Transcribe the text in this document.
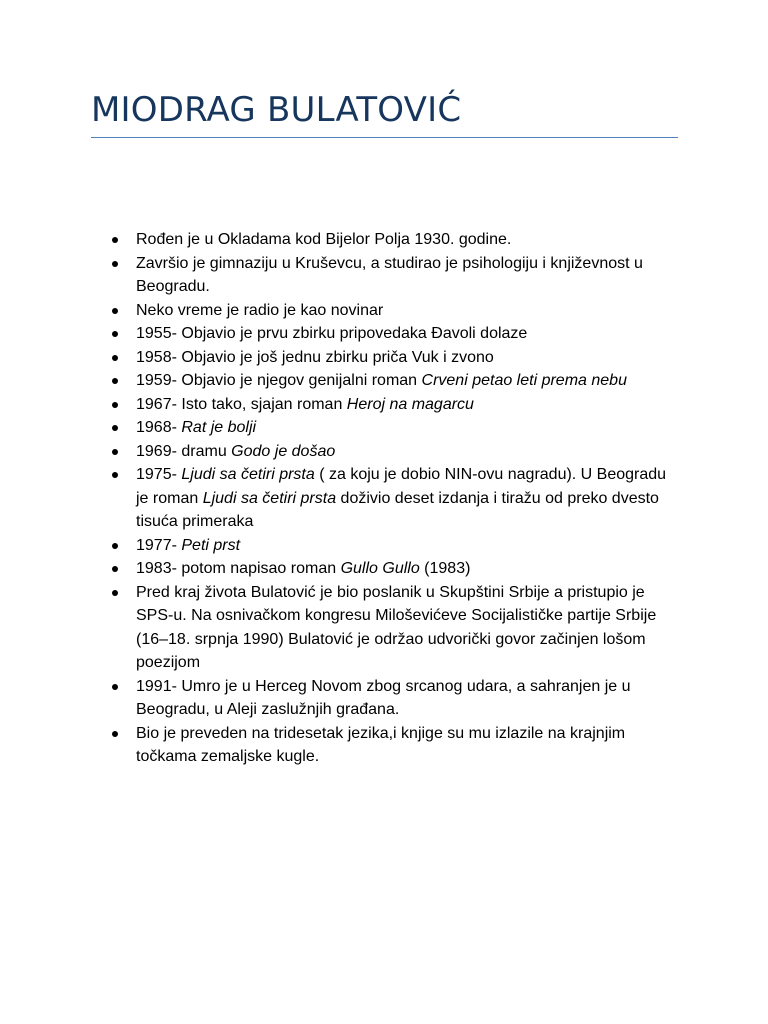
MIODRAG BULATOVIĆ
Rođen je u Okladama kod Bijelor Polja 1930. godine.
Završio je gimnaziju u Kruševcu, a studirao je psihologiju i književnost u Beogradu.
Neko vreme je radio je kao novinar
1955- Objavio je prvu zbirku pripovedaka Đavoli dolaze
1958- Objavio je još jednu zbirku priča Vuk i zvono
1959- Objavio je njegov genijalni roman Crveni petao leti prema nebu
1967- Isto tako, sjajan roman Heroj na magarcu
1968- Rat je bolji
1969- dramu Godo je došao
1975- Ljudi sa četiri prsta ( za koju je dobio NIN-ovu nagradu). U Beogradu je roman Ljudi sa četiri prsta doživio deset izdanja i tiražu od preko dvesto tisuća primeraka
1977- Peti prst
1983- potom napisao roman Gullo Gullo (1983)
Pred kraj života Bulatović je bio poslanik u Skupštini Srbije a pristupio je SPS-u. Na osnivačkom kongresu Miloševićeve Socijalističke partije Srbije (16–18. srpnja 1990) Bulatović je održao udvorički govor začinjen lošom poezijom
1991- Umro je u Herceg Novom zbog srcanog udara, a sahranjen je u Beogradu, u Aleji zaslužnjih građana.
Bio je preveden na tridesetak jezika,i knjige su mu izlazile na krajnjim točkama zemaljske kugle.
